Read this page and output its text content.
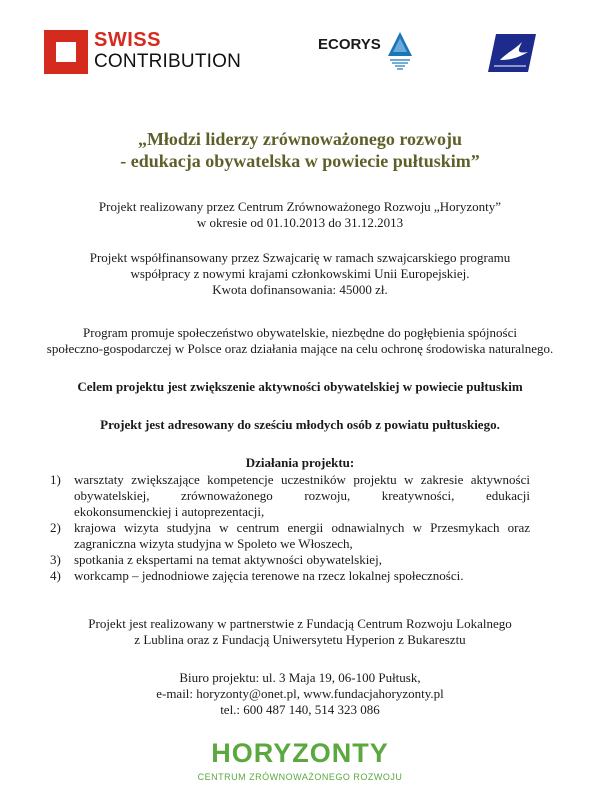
SWISS
CONTRIBUTION
ECORYS
„Młodzi liderzy zrównoważonego rozwoju
- edukacja obywatelska w powiecie pułtuskim”
Projekt realizowany przez Centrum Zrównoważonego Rozwoju „Horyzonty”
w okresie od 01.10.2013 do 31.12.2013
Projekt współfinansowany przez Szwajcarię w ramach szwajcarskiego programu
współpracy z nowymi krajami członkowskimi Unii Europejskiej.
Kwota dofinansowania: 45000 zł.
Program promuje społeczeństwo obywatelskie, niezbędne do pogłębienia spójności
społeczno-gospodarczej w Polsce oraz działania mające na celu ochronę środowiska naturalnego.
Celem projektu jest zwiększenie aktywności obywatelskiej w powiecie pułtuskim
Projekt jest adresowany do sześciu młodych osób z powiatu pułtuskiego.
Działania projektu:
1)	warsztaty zwiększające kompetencje uczestników projektu w zakresie aktywności
obywatelskiej, zrównoważonego rozwoju, kreatywności, edukacji
ekokonsumenckiej i autoprezentacji,
2)	krajowa wizyta studyjna w centrum energii odnawialnych w Przesmykach oraz
zagraniczna wizyta studyjna w Spoleto we Włoszech,
3)	spotkania z ekspertami na temat aktywności obywatelskiej,
4)	workcamp – jednodniowe zajęcia terenowe na rzecz lokalnej społeczności.
Projekt jest realizowany w partnerstwie z Fundacją Centrum Rozwoju Lokalnego
z Lublina oraz z Fundacją Uniwersytetu Hyperion z Bukaresztu
Biuro projektu: ul. 3 Maja 19, 06-100 Pułtusk,
e-mail: horyzonty@onet.pl, www.fundacjahoryzonty.pl
tel.: 600 487 140, 514 323 086
HORYZONTY
CENTRUM ZRÓWNOWAŻONEGO ROZWOJU
